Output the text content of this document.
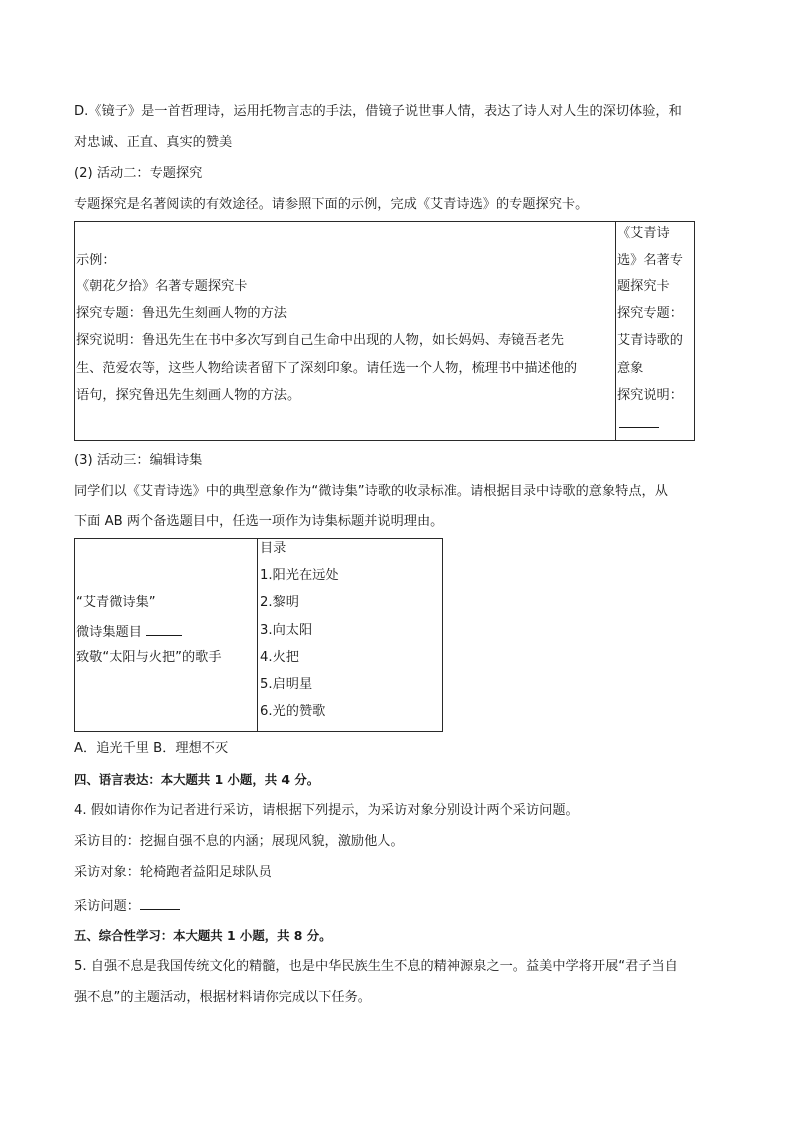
D.《镜子》是一首哲理诗，运用托物言志的手法，借镜子说世事人情，表达了诗人对人生的深切体验，和
对忠诚、正直、真实的赞美
(2) 活动二：专题探究
专题探究是名著阅读的有效途径。请参照下面的示例，完成《艾青诗选》的专题探究卡。
示例：
《朝花夕拾》名著专题探究卡
探究专题：鲁迅先生刻画人物的方法
探究说明：鲁迅先生在书中多次写到自己生命中出现的人物，如长妈妈、寿镜吾老先
生、范爱农等，这些人物给读者留下了深刻印象。请任选一个人物，梳理书中描述他的
语句，探究鲁迅先生刻画人物的方法。
《艾青诗
选》名著专
题探究卡
探究专题：
艾青诗歌的
意象
探究说明：
(3) 活动三：编辑诗集
同学们以《艾青诗选》中的典型意象作为“微诗集”诗歌的收录标准。请根据目录中诗歌的意象特点，从
下面 AB 两个备选题目中，任选一项作为诗集标题并说明理由。
“艾青微诗集”
微诗集题目
致敬“太阳与火把”的歌手
目录
1.阳光在远处
2.黎明
3.向太阳
4.火把
5.启明星
6.光的赞歌
A．追光千里 B．理想不灭
四、语言表达：本大题共 1 小题，共 4 分。
4. 假如请你作为记者进行采访，请根据下列提示，为采访对象分别设计两个采访问题。
采访目的：挖掘自强不息的内涵；展现风貌，激励他人。
采访对象：轮椅跑者益阳足球队员
采访问题：
五、综合性学习：本大题共 1 小题，共 8 分。
5. 自强不息是我国传统文化的精髓，也是中华民族生生不息的精神源泉之一。益美中学将开展“君子当自
强不息”的主题活动，根据材料请你完成以下任务。
